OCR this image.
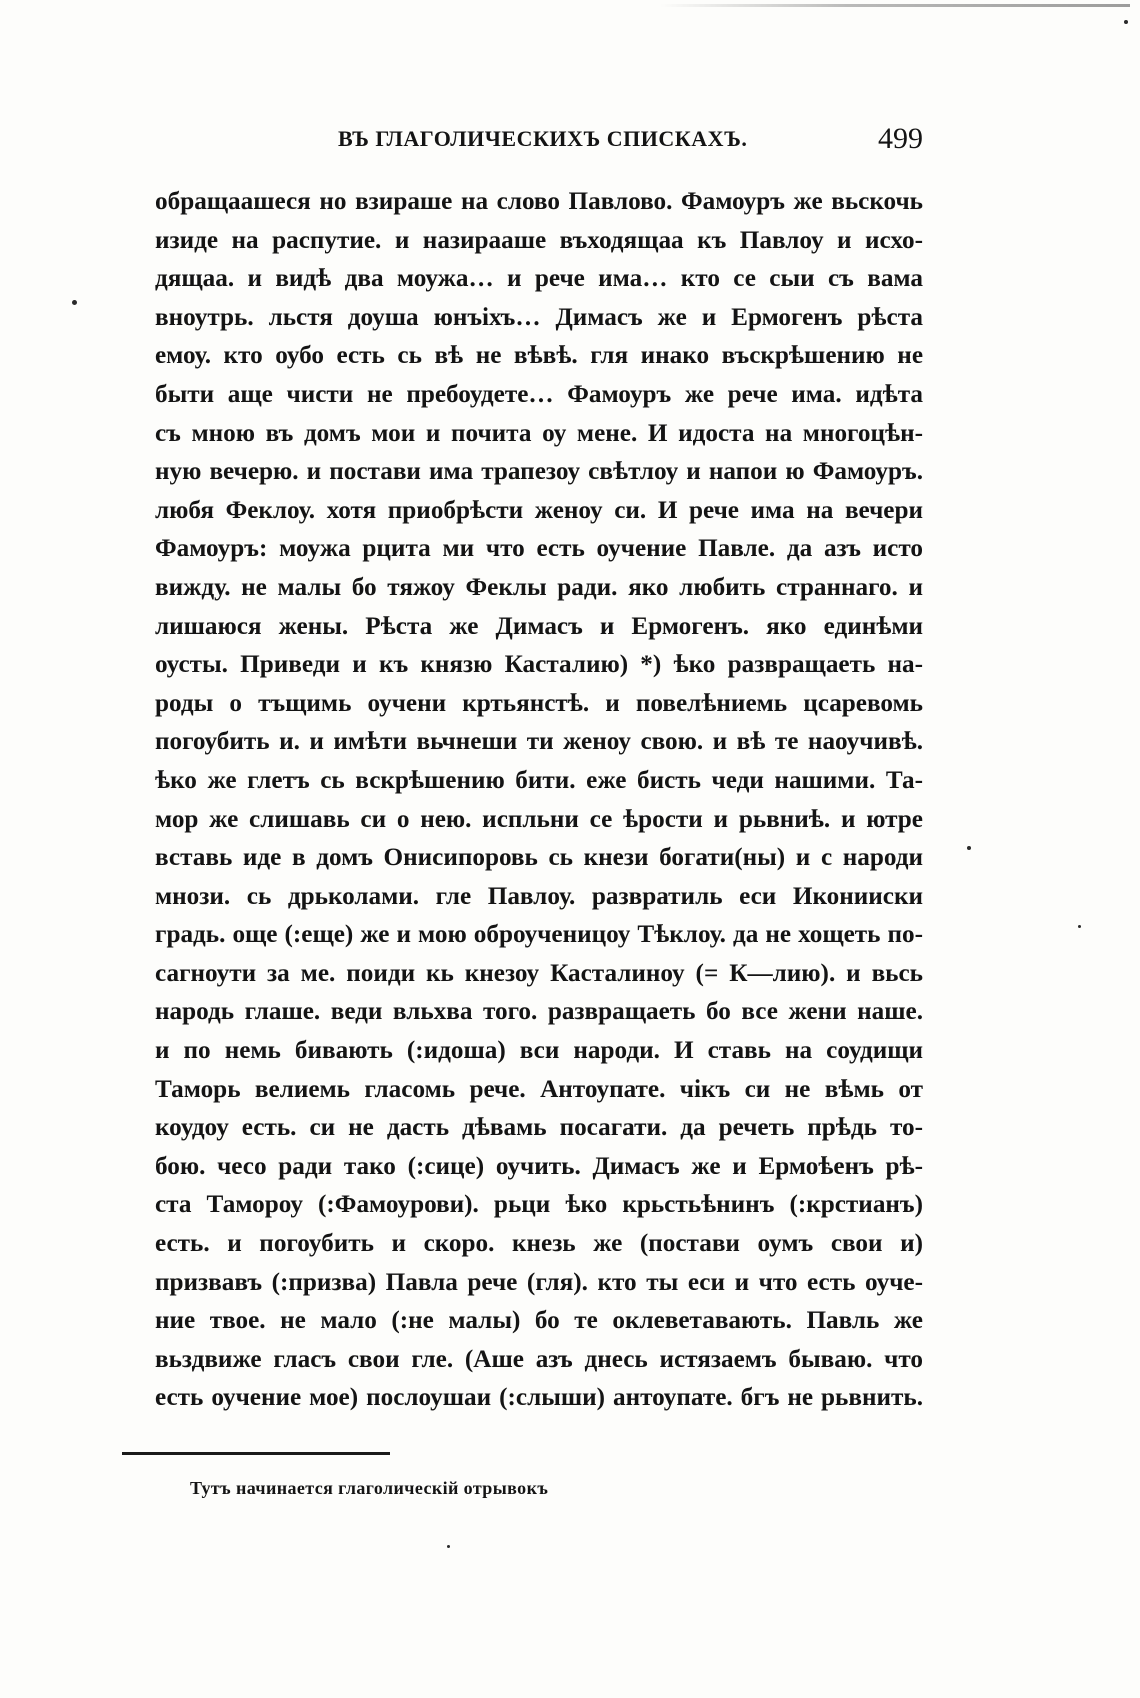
ВЪ ГЛАГОЛИЧЕСКИХЪ СПИСКАХЪ.	499
обращаашеся но взираше на слово Павлово. Фамоуръ же вьскочь
изиде на распутие. и назирааше въходящаа къ Павлоу и исхо-
дящаа. и видѣ два моужа… и рече има… кто се сыи съ вама
вноутрь. льстя доуша юнъіхъ… Димасъ же и Ермогенъ рѣста
емоу. кто оубо есть сь вѣ не вѣвѣ. гля инако въскрѣшению не
быти аще чисти не пребоудете… Фамоуръ же рече има. идѣта
съ мною въ домъ мои и почита оу мене. И идоста на многоцѣн-
ную вечерю. и постави има трапезоу свѣтлоу и напои ю Фамоуръ.
любя Феклоу. хотя приобрѣсти женоу си. И рече има на вечери
Фамоуръ: моужа рцита ми что есть оучение Павле. да азъ исто
вижду. не малы бо тяжоу Феклы ради. яко любить страннаго. и
лишаюся жены. Рѣста же Димасъ и Ермогенъ. яко единѣми
оусты. Приведи и къ князю Касталию) *) ѣко развращаеть на-
роды о тъщимь оучени кртьянстѣ. и повелѣниемь цсаревомь
погоубить и. и имѣти вьчнеши ти женоу свою. и вѣ те наоучивѣ.
ѣко же глетъ сь вскрѣшению бити. еже бисть чеди нашими. Та-
мор же слишавь си о нею. испльни се ѣрости и рьвниѣ. и ютре
вставь иде в домъ Онисипоровь сь кнези богати(ны) и с народи
мнози. сь дрьколами. гле Павлоу. развратиль еси Иконииски
градь. още (:еще) же и мою оброученицоу Тѣклоу. да не хощеть по-
сагноути за ме. поиди кь кнезоу Касталиноу (= К—лию). и вьсь
народь глаше. веди вльхва того. развращаеть бо все жени наше.
и по немь бивають (:идоша) вси народи. И ставь на соудищи
Таморь велиемь гласомь рече. Антоупате. чікъ си не вѣмь от
коудоу есть. си не дасть дѣвамь посагати. да речеть прѣдь то-
бою. чесо ради тако (:сице) оучить. Димасъ же и Ермоѣенъ рѣ-
ста Тамороу (:Фамоурови). рьци ѣко крьстьѣнинъ (:крстианъ)
есть. и погоубить и скоро. кнезь же (постави оумъ свои и)
призвавъ (:призва) Павла рече (гля). кто ты еси и что есть оуче-
ние твое. не мало (:не малы) бо те оклеветавають. Павль же
вьздвиже гласъ свои гле. (Аше азъ днесь истязаемъ бываю. что
есть оучение мое) послоушаи (:слыши) антоупате. бгъ не рьвнить.
Тутъ начинается глаголическій отрывокъ
